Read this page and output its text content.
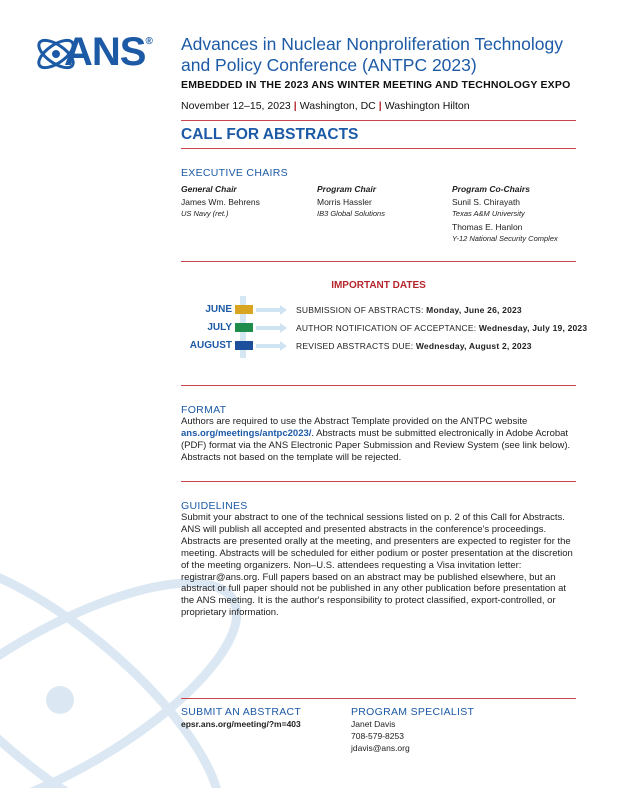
ANS® Advances in Nuclear Nonproliferation Technology and Policy Conference (ANTPC 2023)
EMBEDDED IN THE 2023 ANS WINTER MEETING AND TECHNOLOGY EXPO
November 12–15, 2023 | Washington, DC | Washington Hilton
CALL FOR ABSTRACTS
EXECUTIVE CHAIRS
General Chair
James Wm. Behrens
US Navy (ret.)
Program Chair
Morris Hassler
IB3 Global Solutions
Program Co-Chairs
Sunil S. Chirayath
Texas A&M University
Thomas E. Hanlon
Y-12 National Security Complex
IMPORTANT DATES
JUNE	SUBMISSION OF ABSTRACTS: Monday, June 26, 2023
JULY	AUTHOR NOTIFICATION OF ACCEPTANCE: Wednesday, July 19, 2023
AUGUST	REVISED ABSTRACTS DUE: Wednesday, August 2, 2023
FORMAT
Authors are required to use the Abstract Template provided on the ANTPC website ans.org/meetings/antpc2023/. Abstracts must be submitted electronically in Adobe Acrobat (PDF) format via the ANS Electronic Paper Submission and Review System (see link below). Abstracts not based on the template will be rejected.
GUIDELINES
Submit your abstract to one of the technical sessions listed on p. 2 of this Call for Abstracts. ANS will publish all accepted and presented abstracts in the conference's proceedings. Abstracts are presented orally at the meeting, and presenters are expected to register for the meeting. Abstracts will be scheduled for either podium or poster presentation at the discretion of the meeting organizers. Non–U.S. attendees requesting a Visa invitation letter: registrar@ans.org. Full papers based on an abstract may be published elsewhere, but an abstract or full paper should not be published in any other publication before presentation at the ANS meeting. It is the author's responsibility to protect classified, export-controlled, or proprietary information.
SUBMIT AN ABSTRACT
epsr.ans.org/meeting/?m=403
PROGRAM SPECIALIST
Janet Davis
708-579-8253
jdavis@ans.org
